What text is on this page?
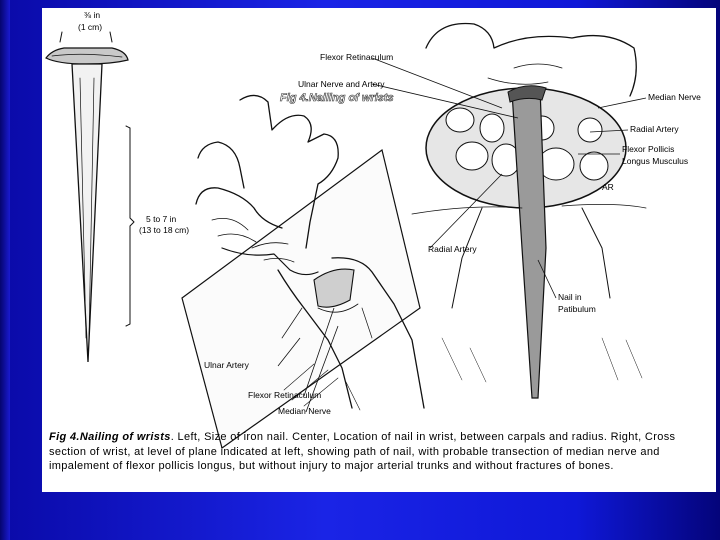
⅜ in
(1 cm)
5 to 7 in
(13 to 18 cm)
AR
Fig 4.Nailing of wrists
Flexor Retinaculum
Ulnar Nerve and Artery
Median Nerve
Radial Artery
Flexor Pollicis
Longus Musculus
Radial Artery
Nail in
Patibulum
Ulnar Artery
Flexor Retinaculum
Median Nerve
Fig 4.Nailing of wrists. Left, Size of iron nail. Center, Location of nail in wrist, between carpals and radius. Right, Cross section of wrist, at level of plane indicated at left, showing path of nail, with probable transection of median nerve and impalement of flexor pollicis longus, but without injury to major arterial trunks and without fractures of bones.
